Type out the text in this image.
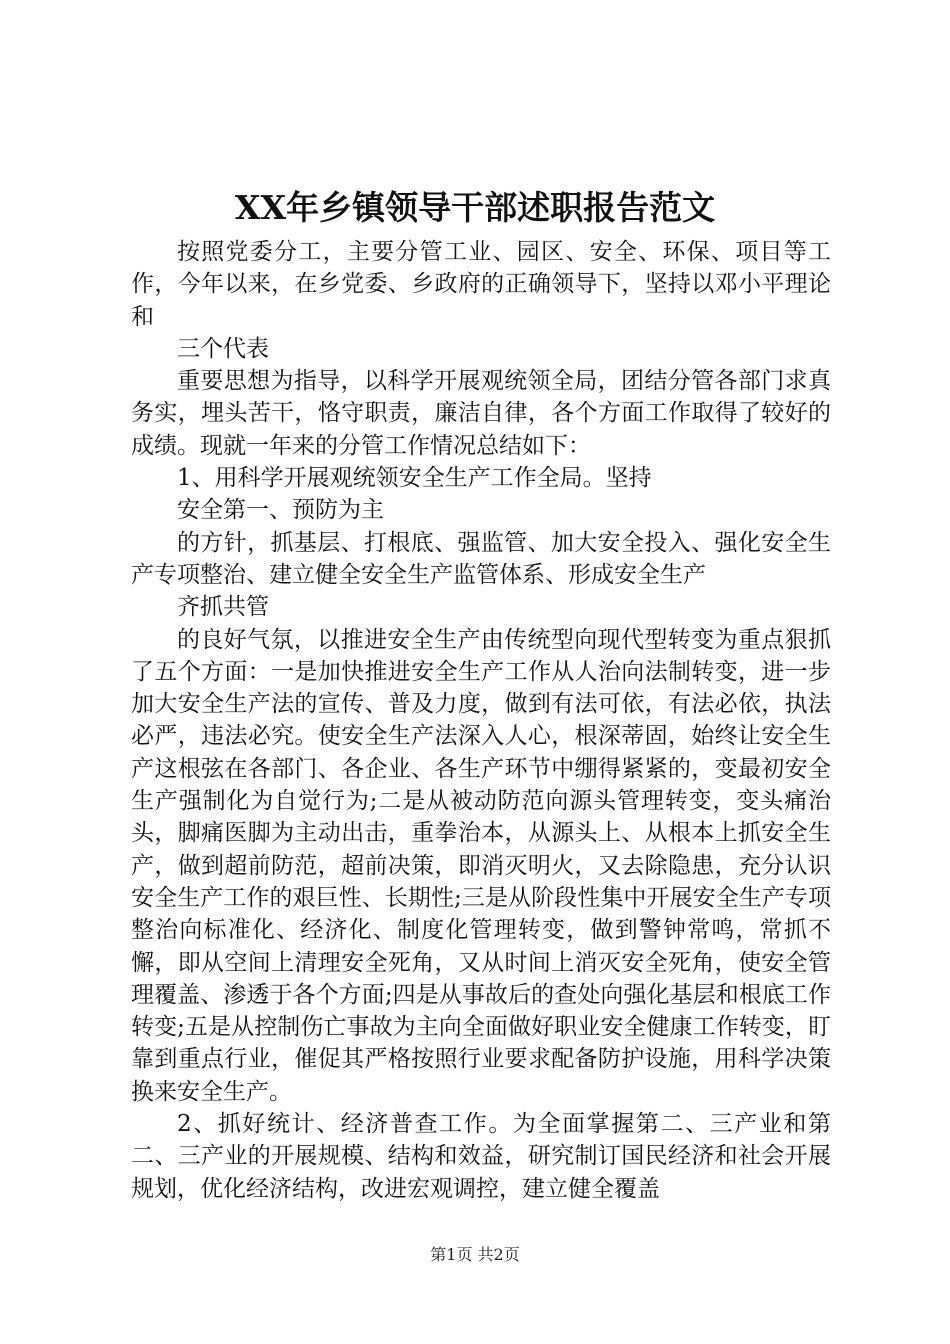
XX年乡镇领导干部述职报告范文

按照党委分工，主要分管工业、园区、安全、环保、项目等工作，今年以来，在乡党委、乡政府的正确领导下，坚持以邓小平理论和

三个代表

重要思想为指导，以科学开展观统领全局，团结分管各部门求真务实，埋头苦干，恪守职责，廉洁自律，各个方面工作取得了较好的成绩。现就一年来的分管工作情况总结如下：

1、用科学开展观统领安全生产工作全局。坚持

安全第一、预防为主

的方针，抓基层、打根底、强监管、加大安全投入、强化安全生产专项整治、建立健全安全生产监管体系、形成安全生产

齐抓共管

的良好气氛，以推进安全生产由传统型向现代型转变为重点狠抓了五个方面：一是加快推进安全生产工作从人治向法制转变，进一步加大安全生产法的宣传、普及力度，做到有法可依，有法必依，执法必严，违法必究。使安全生产法深入人心，根深蒂固，始终让安全生产这根弦在各部门、各企业、各生产环节中绷得紧紧的，变最初安全生产强制化为自觉行为;二是从被动防范向源头管理转变，变头痛治头，脚痛医脚为主动出击，重拳治本，从源头上、从根本上抓安全生产，做到超前防范，超前决策，即消灭明火，又去除隐患，充分认识安全生产工作的艰巨性、长期性;三是从阶段性集中开展安全生产专项整治向标准化、经济化、制度化管理转变，做到警钟常鸣，常抓不懈，即从空间上清理安全死角，又从时间上消灭安全死角，使安全管理覆盖、渗透于各个方面;四是从事故后的查处向强化基层和根底工作转变;五是从控制伤亡事故为主向全面做好职业安全健康工作转变，盯靠到重点行业，催促其严格按照行业要求配备防护设施，用科学决策换来安全生产。

2、抓好统计、经济普查工作。为全面掌握第二、三产业和第二、三产业的开展规模、结构和效益，研究制订国民经济和社会开展规划，优化经济结构，改进宏观调控，建立健全覆盖

第1页 共2页
